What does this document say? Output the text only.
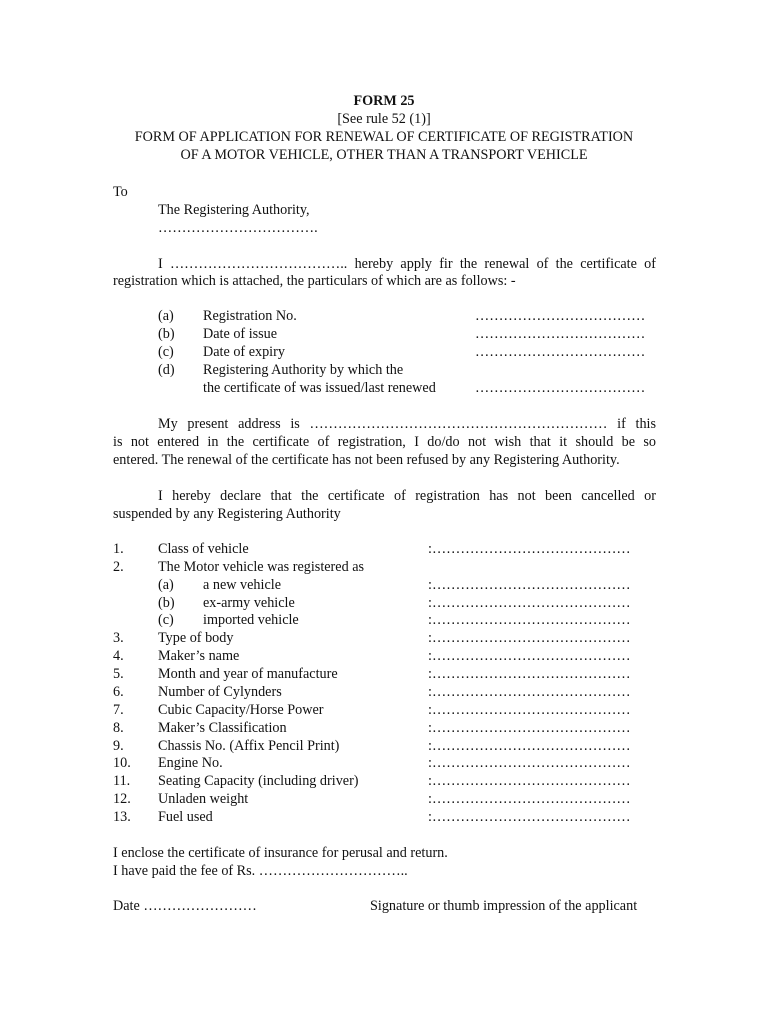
FORM 25
[See rule 52 (1)]
FORM OF APPLICATION FOR RENEWAL OF CERTIFICATE OF REGISTRATION
OF A MOTOR VEHICLE, OTHER THAN A TRANSPORT VEHICLE
To
The Registering Authority,
…………………………….
I ……………………………….. hereby apply fir the renewal of the certificate of
registration which is attached, the particulars of which are as follows: -
(a) Registration No.	………………………………
(b) Date of issue	………………………………
(c) Date of expiry	………………………………
(d) Registering Authority by which the
the certificate of was issued/last renewed	………………………………
My present address is ……………………………………………………… if this
is not entered in the certificate of registration, I do/do not wish that it should be so
entered. The renewal of the certificate has not been refused by any Registering Authority.
I hereby declare that the certificate of registration has not been cancelled or
suspended by any Registering Authority
1. Class of vehicle	:……………………………………
2. The Motor vehicle was registered as
(a) a new vehicle	:……………………………………
(b) ex-army vehicle	:……………………………………
(c) imported vehicle	:……………………………………
3. Type of body	:……………………………………
4. Maker’s name	:……………………………………
5. Month and year of manufacture	:……………………………………
6. Number of Cylynders	:……………………………………
7. Cubic Capacity/Horse Power	:……………………………………
8. Maker’s Classification	:……………………………………
9. Chassis No. (Affix Pencil Print)	:……………………………………
10. Engine No.	:……………………………………
11. Seating Capacity (including driver)	:……………………………………
12. Unladen weight	:……………………………………
13. Fuel used	:……………………………………
I enclose the certificate of insurance for perusal and return.
I have paid the fee of Rs. …………………………..
Date ……………………	Signature or thumb impression of the applicant
